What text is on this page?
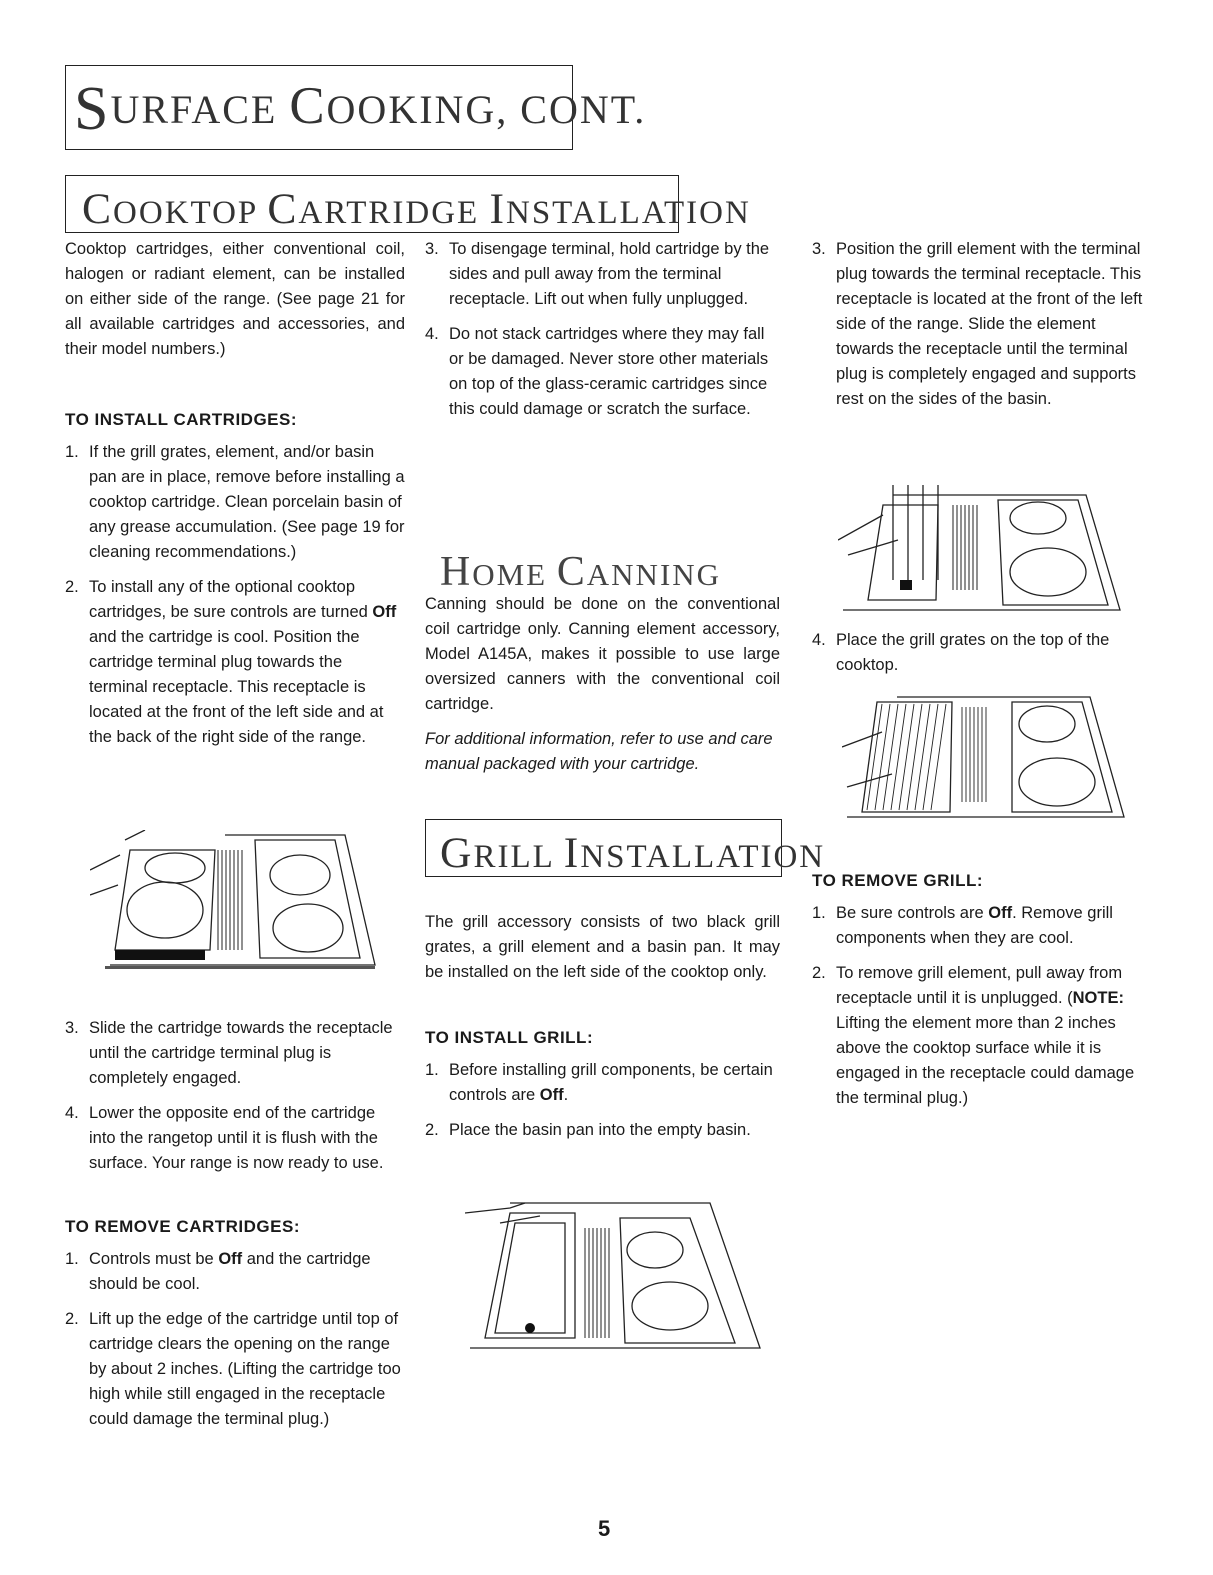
SURFACE COOKING, CONT.
COOKTOP CARTRIDGE INSTALLATION
HOME CANNING
GRILL INSTALLATION

Cooktop cartridges, either conventional coil, halogen or radiant element, can be installed on either side of the range. (See page 21 for all available cartridges and accessories, and their model numbers.)

TO INSTALL CARTRIDGES:

1. If the grill grates, element, and/or basin pan are in place, remove before installing a cooktop cartridge. Clean porcelain basin of any grease accumulation. (See page 19 for cleaning recommendations.)
2. To install any of the optional cooktop cartridges, be sure controls are turned Off and the cartridge is cool. Position the cartridge terminal plug towards the terminal receptacle. This receptacle is located at the front of the left side and at the back of the right side of the range.
3. Slide the cartridge towards the receptacle until the cartridge terminal plug is completely engaged.
4. Lower the opposite end of the cartridge into the rangetop until it is flush with the surface. Your range is now ready to use.

TO REMOVE CARTRIDGES:

1. Controls must be Off and the cartridge should be cool.
2. Lift up the edge of the cartridge until top of cartridge clears the opening on the range by about 2 inches. (Lifting the cartridge too high while still engaged in the receptacle could damage the terminal plug.)
3. To disengage terminal, hold cartridge by the sides and pull away from the terminal receptacle. Lift out when fully unplugged.
4. Do not stack cartridges where they may fall or be damaged. Never store other materials on top of the glass-ceramic cartridges since this could damage or scratch the surface.

Canning should be done on the conventional coil cartridge only. Canning element accessory, Model A145A, makes it possible to use large oversized canners with the conventional coil cartridge.

For additional information, refer to use and care manual packaged with your cartridge.

The grill accessory consists of two black grill grates, a grill element and a basin pan. It may be installed on the left side of the cooktop only.

TO INSTALL GRILL:

1. Before installing grill components, be certain controls are Off.
2. Place the basin pan into the empty basin.
3. Position the grill element with the terminal plug towards the terminal receptacle. This receptacle is located at the front of the left side of the range. Slide the element towards the receptacle until the terminal plug is completely engaged and supports rest on the sides of the basin.
4. Place the grill grates on the top of the cooktop.

TO REMOVE GRILL:

1. Be sure controls are Off. Remove grill components when they are cool.
2. To remove grill element, pull away from receptacle until it is unplugged. (NOTE: Lifting the element more than 2 inches above the cooktop surface while it is engaged in the receptacle could damage the terminal plug.)
5
